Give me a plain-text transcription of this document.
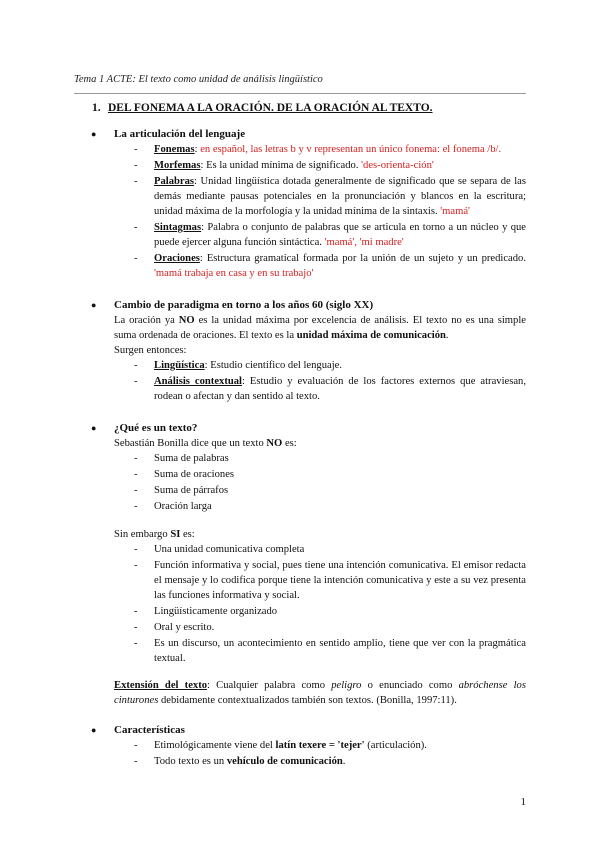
Tema 1 ACTE: El texto como unidad de análisis lingüístico
1. DEL FONEMA A LA ORACIÓN. DE LA ORACIÓN AL TEXTO.
● La articulación del lenguaje
- Fonemas: en español, las letras b y v representan un único fonema: el fonema /b/.
- Morfemas: Es la unidad mínima de significado. 'des-orienta-ción'
- Palabras: Unidad lingüística dotada generalmente de significado que se separa de las demás mediante pausas potenciales en la pronunciación y blancos en la escritura; unidad máxima de la morfología y la unidad mínima de la sintaxis. 'mamá'
- Sintagmas: Palabra o conjunto de palabras que se articula en torno a un núcleo y que puede ejercer alguna función sintáctica. 'mamá', 'mi madre'
- Oraciones: Estructura gramatical formada por la unión de un sujeto y un predicado. 'mamá trabaja en casa y en su trabajo'
● Cambio de paradigma en torno a los años 60 (siglo XX)
La oración ya NO es la unidad máxima por excelencia de análisis. El texto no es una simple suma ordenada de oraciones. El texto es la unidad máxima de comunicación.
Surgen entonces:
- Lingüística: Estudio científico del lenguaje.
- Análisis contextual: Estudio y evaluación de los factores externos que atraviesan, rodean o afectan y dan sentido al texto.
● ¿Qué es un texto?
Sebastián Bonilla dice que un texto NO es:
- Suma de palabras
- Suma de oraciones
- Suma de párrafos
- Oración larga
Sin embargo SI es:
- Una unidad comunicativa completa
- Función informativa y social, pues tiene una intención comunicativa. El emisor redacta el mensaje y lo codifica porque tiene la intención comunicativa y este a su vez presenta las funciones informativa y social.
- Lingüísticamente organizado
- Oral y escrito.
- Es un discurso, un acontecimiento en sentido amplio, tiene que ver con la pragmática textual.
Extensión del texto: Cualquier palabra como peligro o enunciado como abróchense los cinturones debidamente contextualizados también son textos. (Bonilla, 1997:11).
● Características
- Etimológicamente viene del latín texere = 'tejer' (articulación).
- Todo texto es un vehículo de comunicación.
1
